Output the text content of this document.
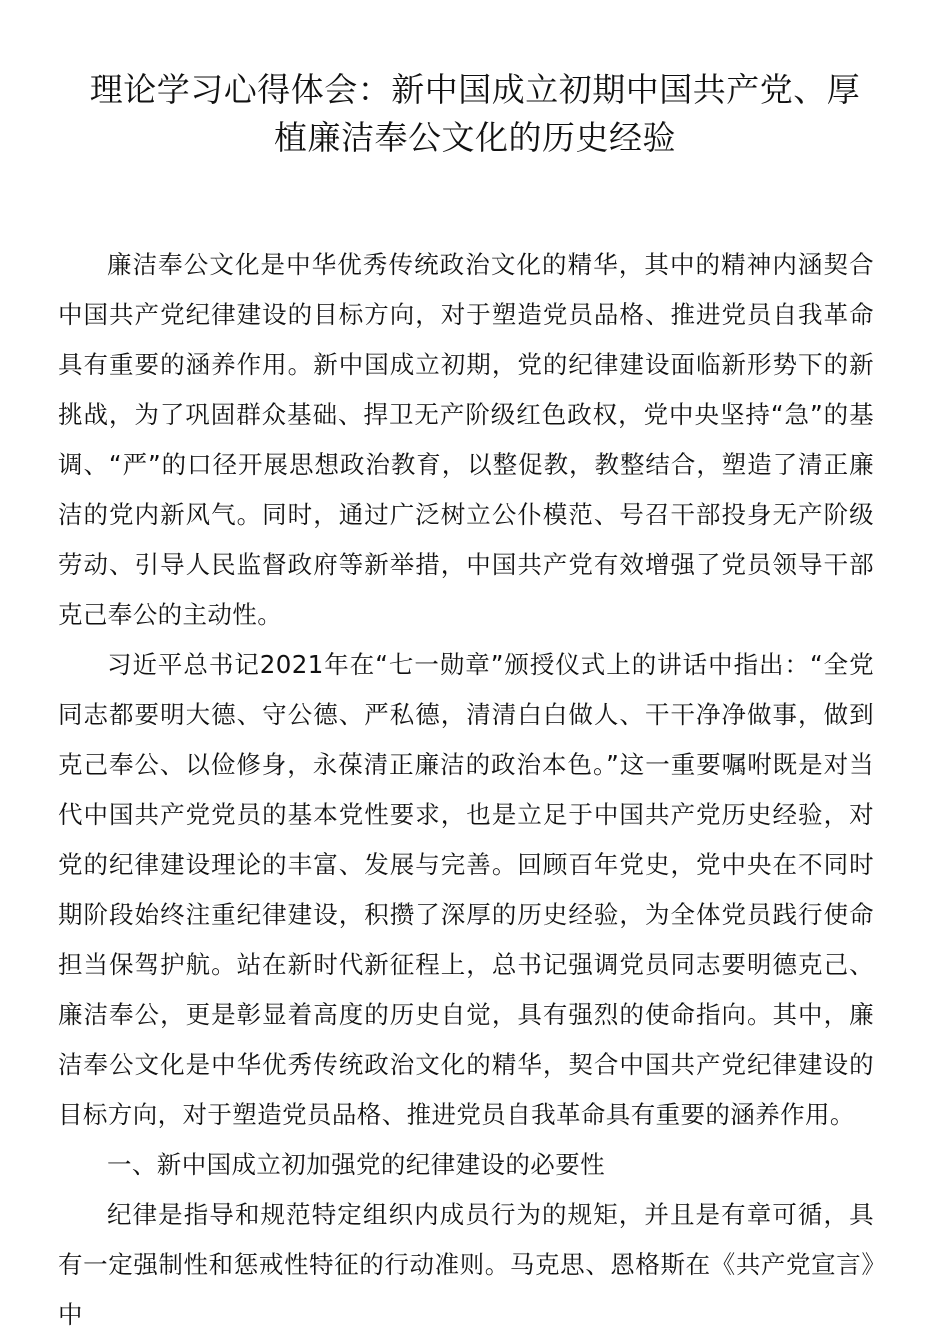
理论学习心得体会：新中国成立初期中国共产党、厚植廉洁奉公文化的历史经验

廉洁奉公文化是中华优秀传统政治文化的精华，其中的精神内涵契合中国共产党纪律建设的目标方向，对于塑造党员品格、推进党员自我革命具有重要的涵养作用。新中国成立初期，党的纪律建设面临新形势下的新挑战，为了巩固群众基础、捍卫无产阶级红色政权，党中央坚持“急”的基调、“严”的口径开展思想政治教育，以整促教，教整结合，塑造了清正廉洁的党内新风气。同时，通过广泛树立公仆模范、号召干部投身无产阶级劳动、引导人民监督政府等新举措，中国共产党有效增强了党员领导干部克己奉公的主动性。

习近平总书记2021年在“七一勋章”颁授仪式上的讲话中指出：“全党同志都要明大德、守公德、严私德，清清白白做人、干干净净做事，做到克己奉公、以俭修身，永葆清正廉洁的政治本色。”这一重要嘱咐既是对当代中国共产党党员的基本党性要求，也是立足于中国共产党历史经验，对党的纪律建设理论的丰富、发展与完善。回顾百年党史，党中央在不同时期阶段始终注重纪律建设，积攒了深厚的历史经验，为全体党员践行使命担当保驾护航。站在新时代新征程上，总书记强调党员同志要明德克己、廉洁奉公，更是彰显着高度的历史自觉，具有强烈的使命指向。其中，廉洁奉公文化是中华优秀传统政治文化的精华，契合中国共产党纪律建设的目标方向，对于塑造党员品格、推进党员自我革命具有重要的涵养作用。

一、新中国成立初加强党的纪律建设的必要性

纪律是指导和规范特定组织内成员行为的规矩，并且是有章可循，具有一定强制性和惩戒性特征的行动准则。马克思、恩格斯在《共产党宣言》中
